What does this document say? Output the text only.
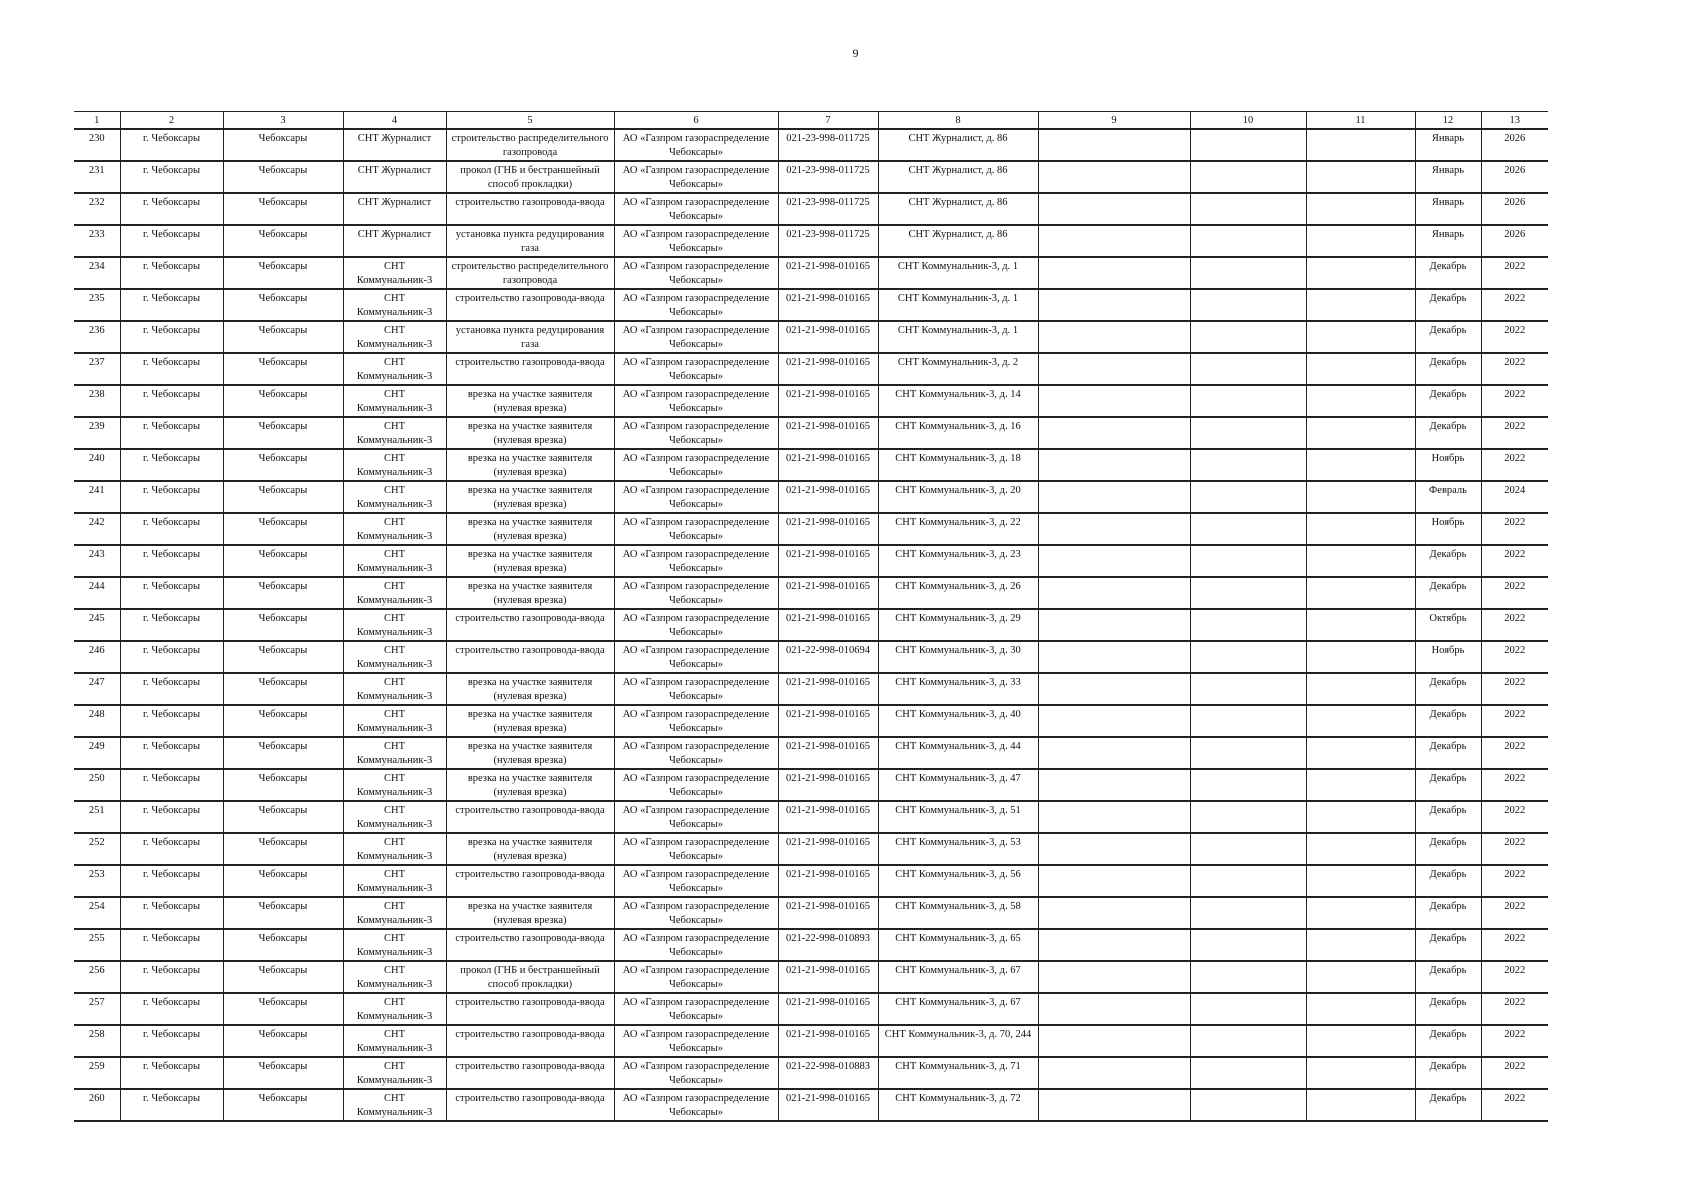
9
1	2	3	4	5	6	7	8	9	10	11	12	13
230	г. Чебоксары	Чебоксары	СНТ Журналист	строительство распределительного газопровода	АО «Газпром газораспределение Чебоксары»	021-23-998-011725	СНТ Журналист, д. 86				Январь	2026
231	г. Чебоксары	Чебоксары	СНТ Журналист	прокол (ГНБ и бестраншейный способ прокладки)	АО «Газпром газораспределение Чебоксары»	021-23-998-011725	СНТ Журналист, д. 86				Январь	2026
232	г. Чебоксары	Чебоксары	СНТ Журналист	строительство газопровода-ввода	АО «Газпром газораспределение Чебоксары»	021-23-998-011725	СНТ Журналист, д. 86				Январь	2026
233	г. Чебоксары	Чебоксары	СНТ Журналист	установка пункта редуцирования газа	АО «Газпром газораспределение Чебоксары»	021-23-998-011725	СНТ Журналист, д. 86				Январь	2026
234	г. Чебоксары	Чебоксары	СНТ Коммунальник-3	строительство распределительного газопровода	АО «Газпром газораспределение Чебоксары»	021-21-998-010165	СНТ Коммунальник-3, д. 1				Декабрь	2022
235	г. Чебоксары	Чебоксары	СНТ Коммунальник-3	строительство газопровода-ввода	АО «Газпром газораспределение Чебоксары»	021-21-998-010165	СНТ Коммунальник-3, д. 1				Декабрь	2022
236	г. Чебоксары	Чебоксары	СНТ Коммунальник-3	установка пункта редуцирования газа	АО «Газпром газораспределение Чебоксары»	021-21-998-010165	СНТ Коммунальник-3, д. 1				Декабрь	2022
237	г. Чебоксары	Чебоксары	СНТ Коммунальник-3	строительство газопровода-ввода	АО «Газпром газораспределение Чебоксары»	021-21-998-010165	СНТ Коммунальник-3, д. 2				Декабрь	2022
238	г. Чебоксары	Чебоксары	СНТ Коммунальник-3	врезка на участке заявителя (нулевая врезка)	АО «Газпром газораспределение Чебоксары»	021-21-998-010165	СНТ Коммунальник-3, д. 14				Декабрь	2022
239	г. Чебоксары	Чебоксары	СНТ Коммунальник-3	врезка на участке заявителя (нулевая врезка)	АО «Газпром газораспределение Чебоксары»	021-21-998-010165	СНТ Коммунальник-3, д. 16				Декабрь	2022
240	г. Чебоксары	Чебоксары	СНТ Коммунальник-3	врезка на участке заявителя (нулевая врезка)	АО «Газпром газораспределение Чебоксары»	021-21-998-010165	СНТ Коммунальник-3, д. 18				Ноябрь	2022
241	г. Чебоксары	Чебоксары	СНТ Коммунальник-3	врезка на участке заявителя (нулевая врезка)	АО «Газпром газораспределение Чебоксары»	021-21-998-010165	СНТ Коммунальник-3, д. 20				Февраль	2024
242	г. Чебоксары	Чебоксары	СНТ Коммунальник-3	врезка на участке заявителя (нулевая врезка)	АО «Газпром газораспределение Чебоксары»	021-21-998-010165	СНТ Коммунальник-3, д. 22				Ноябрь	2022
243	г. Чебоксары	Чебоксары	СНТ Коммунальник-3	врезка на участке заявителя (нулевая врезка)	АО «Газпром газораспределение Чебоксары»	021-21-998-010165	СНТ Коммунальник-3, д. 23				Декабрь	2022
244	г. Чебоксары	Чебоксары	СНТ Коммунальник-3	врезка на участке заявителя (нулевая врезка)	АО «Газпром газораспределение Чебоксары»	021-21-998-010165	СНТ Коммунальник-3, д. 26				Декабрь	2022
245	г. Чебоксары	Чебоксары	СНТ Коммунальник-3	строительство газопровода-ввода	АО «Газпром газораспределение Чебоксары»	021-21-998-010165	СНТ Коммунальник-3, д. 29				Октябрь	2022
246	г. Чебоксары	Чебоксары	СНТ Коммунальник-3	строительство газопровода-ввода	АО «Газпром газораспределение Чебоксары»	021-22-998-010694	СНТ Коммунальник-3, д. 30				Ноябрь	2022
247	г. Чебоксары	Чебоксары	СНТ Коммунальник-3	врезка на участке заявителя (нулевая врезка)	АО «Газпром газораспределение Чебоксары»	021-21-998-010165	СНТ Коммунальник-3, д. 33				Декабрь	2022
248	г. Чебоксары	Чебоксары	СНТ Коммунальник-3	врезка на участке заявителя (нулевая врезка)	АО «Газпром газораспределение Чебоксары»	021-21-998-010165	СНТ Коммунальник-3, д. 40				Декабрь	2022
249	г. Чебоксары	Чебоксары	СНТ Коммунальник-3	врезка на участке заявителя (нулевая врезка)	АО «Газпром газораспределение Чебоксары»	021-21-998-010165	СНТ Коммунальник-3, д. 44				Декабрь	2022
250	г. Чебоксары	Чебоксары	СНТ Коммунальник-3	врезка на участке заявителя (нулевая врезка)	АО «Газпром газораспределение Чебоксары»	021-21-998-010165	СНТ Коммунальник-3, д. 47				Декабрь	2022
251	г. Чебоксары	Чебоксары	СНТ Коммунальник-3	строительство газопровода-ввода	АО «Газпром газораспределение Чебоксары»	021-21-998-010165	СНТ Коммунальник-3, д. 51				Декабрь	2022
252	г. Чебоксары	Чебоксары	СНТ Коммунальник-3	врезка на участке заявителя (нулевая врезка)	АО «Газпром газораспределение Чебоксары»	021-21-998-010165	СНТ Коммунальник-3, д. 53				Декабрь	2022
253	г. Чебоксары	Чебоксары	СНТ Коммунальник-3	строительство газопровода-ввода	АО «Газпром газораспределение Чебоксары»	021-21-998-010165	СНТ Коммунальник-3, д. 56				Декабрь	2022
254	г. Чебоксары	Чебоксары	СНТ Коммунальник-3	врезка на участке заявителя (нулевая врезка)	АО «Газпром газораспределение Чебоксары»	021-21-998-010165	СНТ Коммунальник-3, д. 58				Декабрь	2022
255	г. Чебоксары	Чебоксары	СНТ Коммунальник-3	строительство газопровода-ввода	АО «Газпром газораспределение Чебоксары»	021-22-998-010893	СНТ Коммунальник-3, д. 65				Декабрь	2022
256	г. Чебоксары	Чебоксары	СНТ Коммунальник-3	прокол (ГНБ и бестраншейный способ прокладки)	АО «Газпром газораспределение Чебоксары»	021-21-998-010165	СНТ Коммунальник-3, д. 67				Декабрь	2022
257	г. Чебоксары	Чебоксары	СНТ Коммунальник-3	строительство газопровода-ввода	АО «Газпром газораспределение Чебоксары»	021-21-998-010165	СНТ Коммунальник-3, д. 67				Декабрь	2022
258	г. Чебоксары	Чебоксары	СНТ Коммунальник-3	строительство газопровода-ввода	АО «Газпром газораспределение Чебоксары»	021-21-998-010165	СНТ Коммунальник-3, д. 70, 244				Декабрь	2022
259	г. Чебоксары	Чебоксары	СНТ Коммунальник-3	строительство газопровода-ввода	АО «Газпром газораспределение Чебоксары»	021-22-998-010883	СНТ Коммунальник-3, д. 71				Декабрь	2022
260	г. Чебоксары	Чебоксары	СНТ Коммунальник-3	строительство газопровода-ввода	АО «Газпром газораспределение Чебоксары»	021-21-998-010165	СНТ Коммунальник-3, д. 72				Декабрь	2022
